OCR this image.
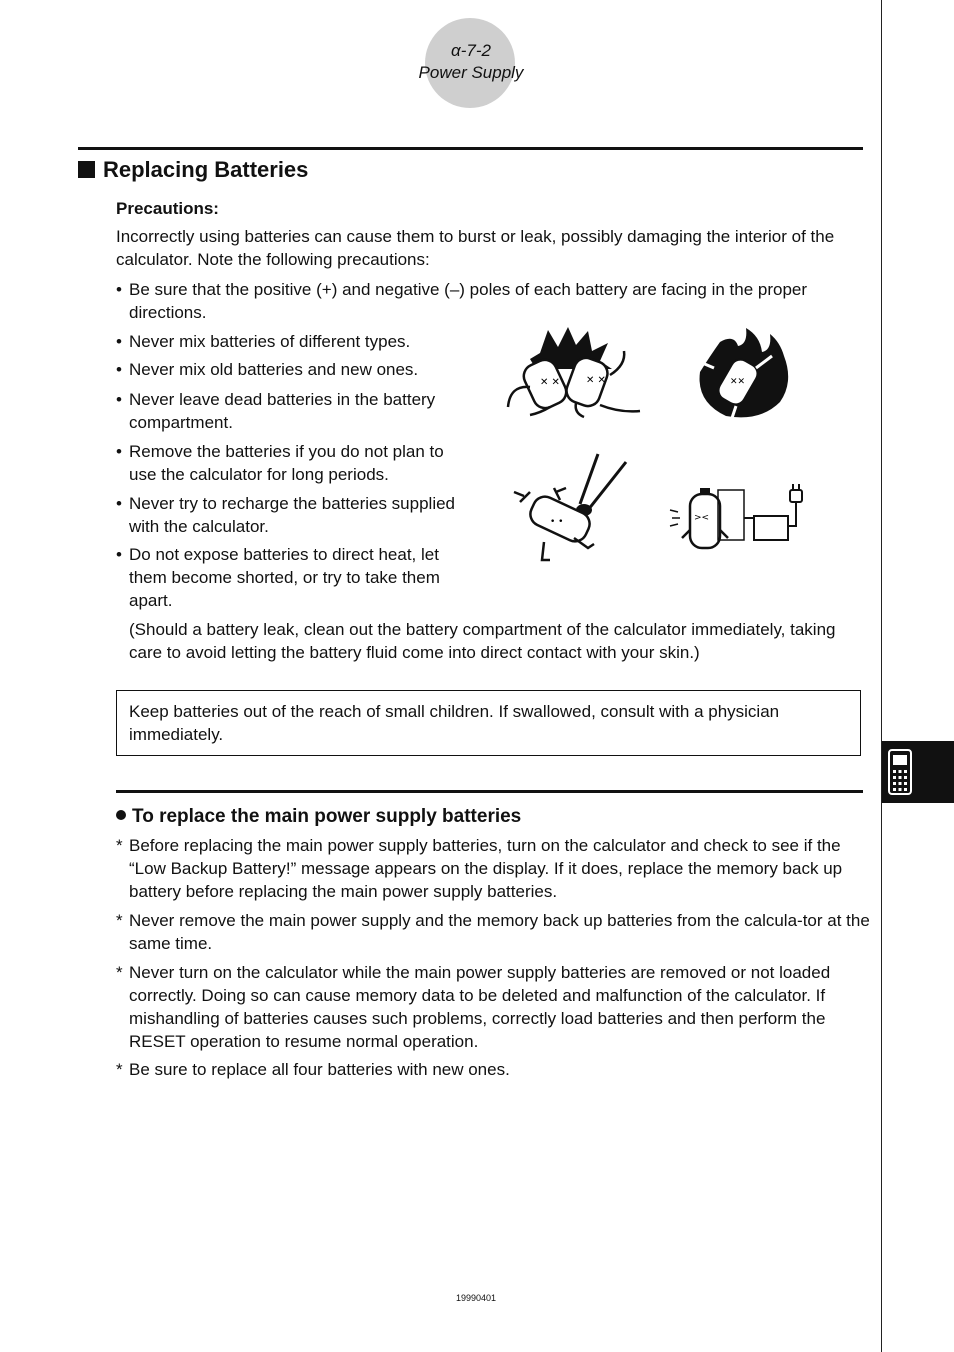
α-7-2
Power Supply
Replacing Batteries
Precautions:
Incorrectly using batteries can cause them to burst or leak, possibly damaging the interior of the calculator. Note the following precautions:
• Be sure that the positive (+) and negative (–) poles of each battery are facing in the proper directions.
• Never mix batteries of different types.
• Never mix old batteries and new ones.
• Never leave dead batteries in the battery compartment.
• Remove the batteries if you do not plan to use the calculator for long periods.
• Never try to recharge the batteries supplied with the calculator.
• Do not expose batteries to direct heat, let them become shorted, or try to take them apart.
(Should a battery leak, clean out the battery compartment of the calculator immediately, taking care to avoid letting the battery fluid come into direct contact with your skin.)
✕ ✕	✕ ✕	✕✕
• •	><
Keep batteries out of the reach of small children. If swallowed, consult with a physician immediately.
To replace the main power supply batteries
* Before replacing the main power supply batteries, turn on the calculator and check to see if the “Low Backup Battery!” message appears on the display. If it does, replace the memory back up battery before replacing the main power supply batteries.
* Never remove the main power supply and the memory back up batteries from the calcula-tor at the same time.
* Never turn on the calculator while the main power supply batteries are removed or not loaded correctly. Doing so can cause memory data to be deleted and malfunction of the calculator. If mishandling of batteries causes such problems, correctly load batteries and then perform the RESET operation to resume normal operation.
* Be sure to replace all four batteries with new ones.
19990401
